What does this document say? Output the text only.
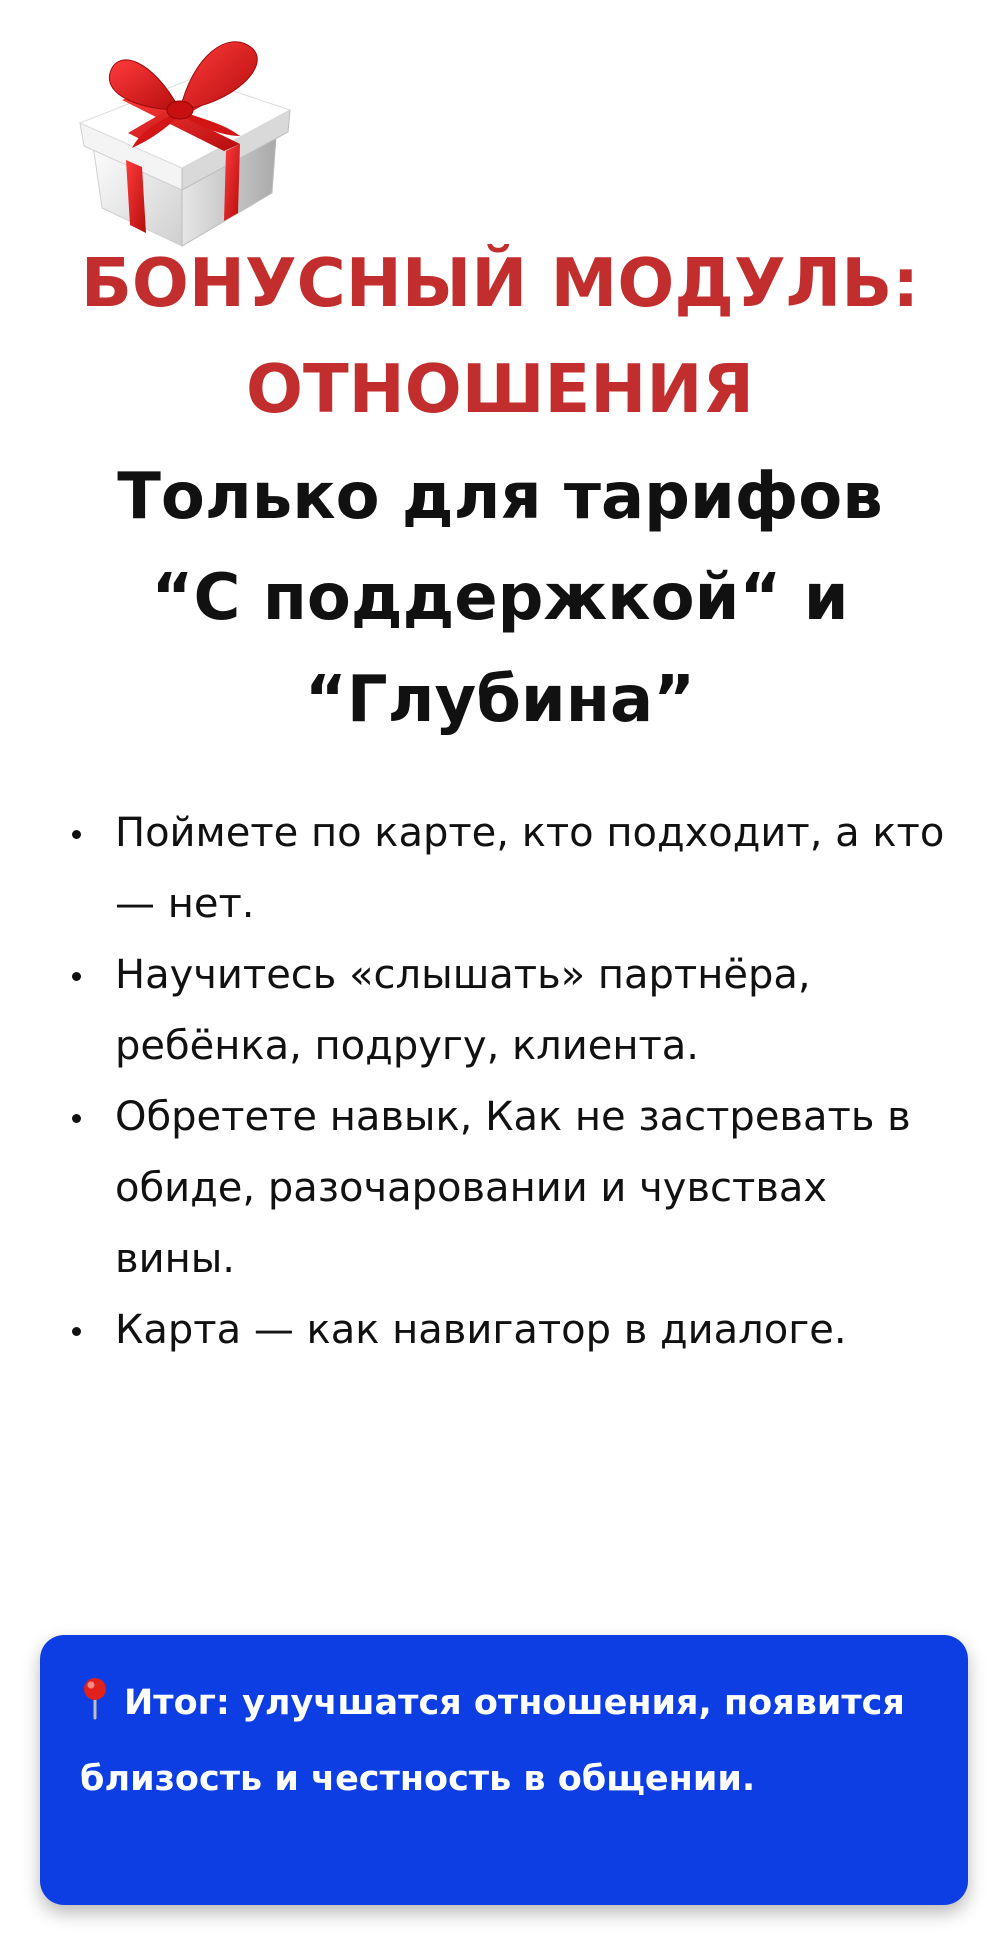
БОНУСНЫЙ МОДУЛЬ:
ОТНОШЕНИЯ
Только для тарифов
“С поддержкой“ и
“Глубина”
Поймете по карте, кто подходит, а кто — нет.
Научитесь «слышать» партнёра, ребёнка, подругу, клиента.
Обретете навык, Как не застревать в обиде, разочаровании и чувствах вины.
Карта — как навигатор в диалоге.
Итог: улучшатся отношения, появится близость и честность в общении.
